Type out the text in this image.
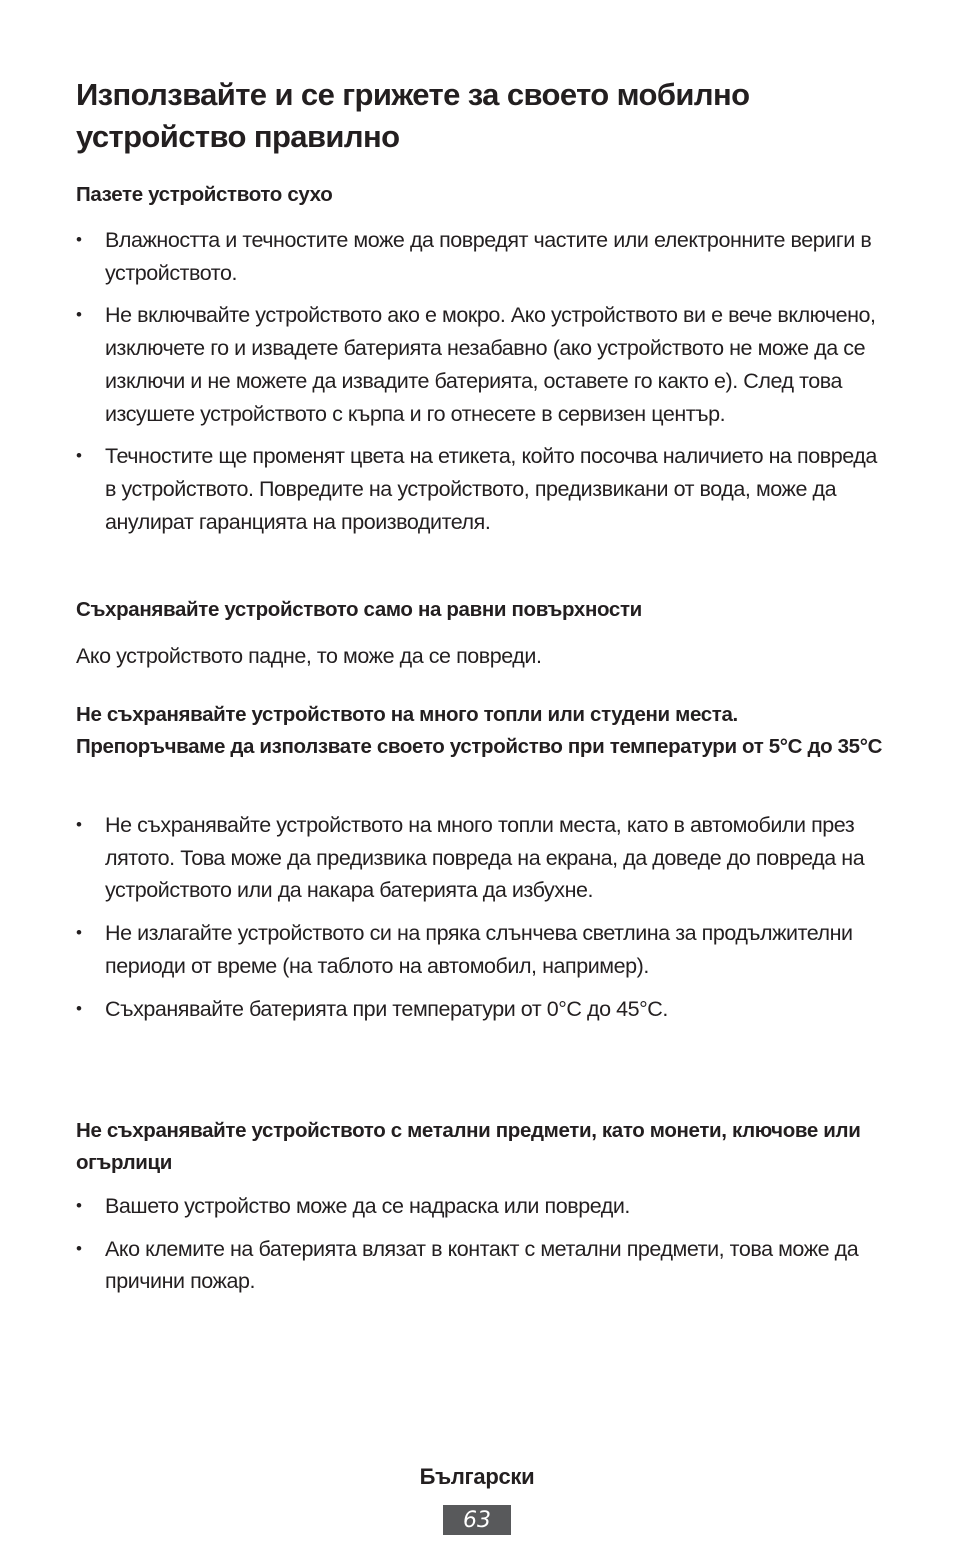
Използвайте и се грижете за своето мобилно устройство правилно
Пазете устройството сухо
• Влажността и течностите може да повредят частите или електронните вериги в устройството.
• Не включвайте устройството ако е мокро. Ако устройството ви е вече включено, изключете го и извадете батерията незабавно (ако устройството не може да се изключи и не можете да извадите батерията, оставете го както е). След това изсушете устройството с кърпа и го отнесете в сервизен център.
• Течностите ще променят цвета на етикета, който посочва наличието на повреда в устройството. Повредите на устройството, предизвикани от вода, може да анулират гаранцията на производителя.
Съхранявайте устройството само на равни повърхности

Ако устройството падне, то може да се повреди.

Не съхранявайте устройството на много топли или студени места. Препоръчваме да използвате своето устройство при температури от 5°C до 35°C
• Не съхранявайте устройството на много топли места, като в автомобили през лятото. Това може да предизвика повреда на екрана, да доведе до повреда на устройството или да накара батерията да избухне.
• Не излагайте устройството си на пряка слънчева светлина за продължителни периоди от време (на таблото на автомобил, например).
• Съхранявайте батерията при температури от 0°C до 45°C.
Не съхранявайте устройството с метални предмети, като монети, ключове или огърлици
• Вашето устройство може да се надраска или повреди.
• Ако клемите на батерията влязат в контакт с метални предмети, това може да причини пожар.
Български
63
